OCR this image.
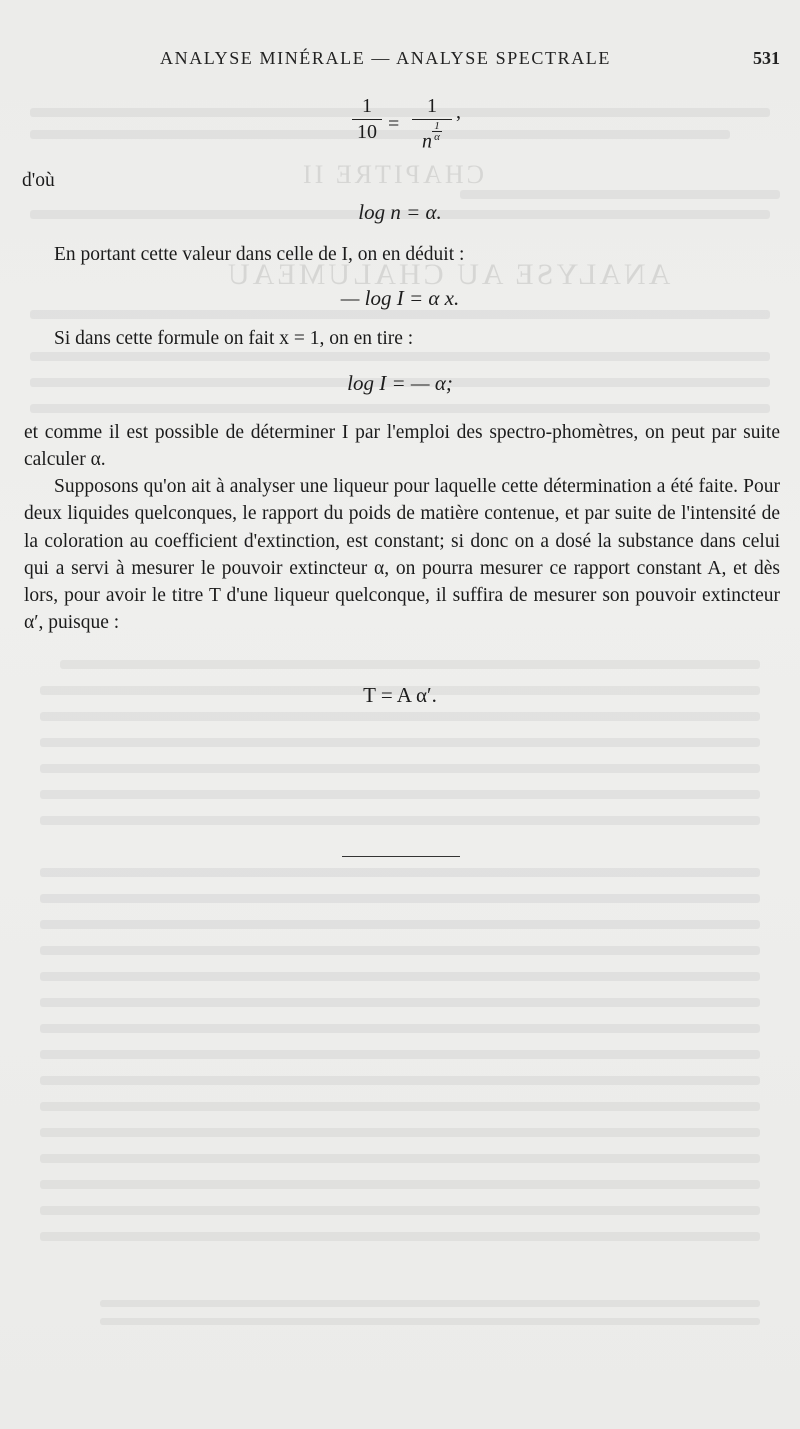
CHAPITRE II
ANALYSE AU CHALUMEAU
ANALYSE MINÉRALE — ANALYSE SPECTRALE	531
1
10 =
1
$n\frac{1}{\alpha}$
,
d'où
log n = α.
En portant cette valeur dans celle de I, on en déduit :
— log I = α x.
Si dans cette formule on fait x = 1, on en tire :
log I = — α;
et comme il est possible de déterminer I par l'emploi des spectro-phomètres, on peut par suite calculer α.
Supposons qu'on ait à analyser une liqueur pour laquelle cette détermination a été faite. Pour deux liquides quelconques, le rapport du poids de matière contenue, et par suite de l'intensité de la coloration au coefficient d'extinction, est constant; si donc on a dosé la substance dans celui qui a servi à mesurer le pouvoir extincteur α, on pourra mesurer ce rapport constant A, et dès lors, pour avoir le titre T d'une liqueur quelconque, il suffira de mesurer son pouvoir extincteur α′, puisque :
T = A α′.
